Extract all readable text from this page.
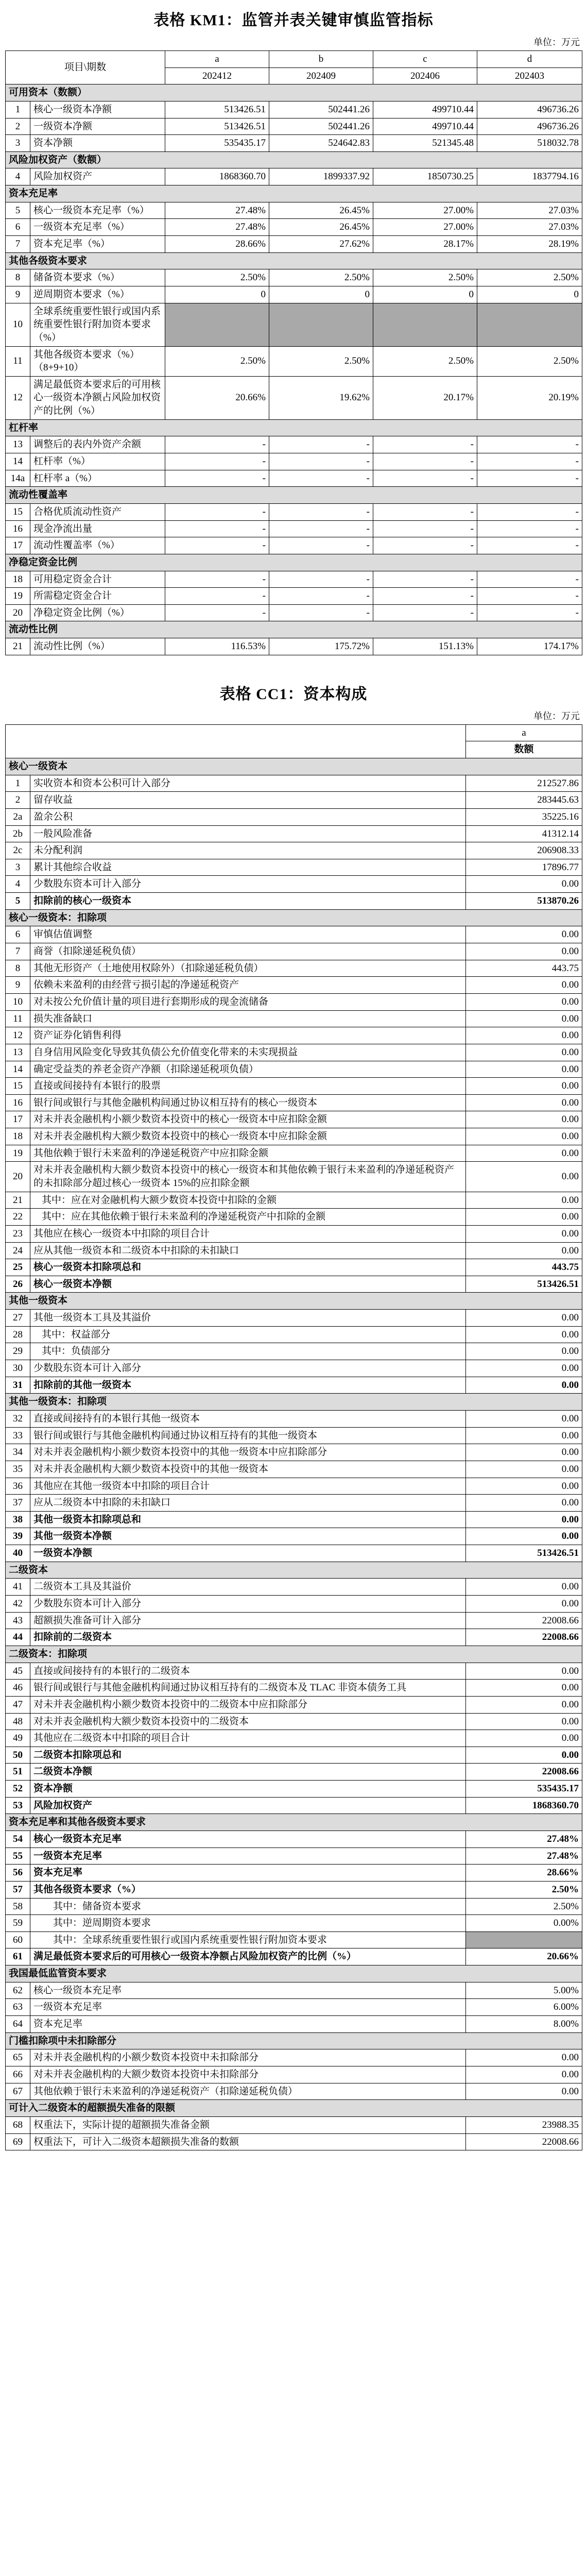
表格 KM1：监管并表关键审慎监管指标
单位：万元
项目\期数		a	b	c	d
		202412	202409	202406	202403
可用资本（数额）					
1	核心一级资本净额	513426.51	502441.26	499710.44	496736.26
2	一级资本净额	513426.51	502441.26	499710.44	496736.26
3	资本净额	535435.17	524642.83	521345.48	518032.78
风险加权资产（数额）					
4	风险加权资产	1868360.70	1899337.92	1850730.25	1837794.16
资本充足率					
5	核心一级资本充足率（%）	27.48%	26.45%	27.00%	27.03%
6	一级资本充足率（%）	27.48%	26.45%	27.00%	27.03%
7	资本充足率（%）	28.66%	27.62%	28.17%	28.19%
其他各级资本要求					
8	储备资本要求（%）	2.50%	2.50%	2.50%	2.50%
9	逆周期资本要求（%）	0	0	0	0
10	全球系统重要性银行或国内系统重要性银行附加资本要求（%）				
11	其他各级资本要求（%）（8+9+10）	2.50%	2.50%	2.50%	2.50%
12	满足最低资本要求后的可用核心一级资本净额占风险加权资产的比例（%）	20.66%	19.62%	20.17%	20.19%
杠杆率					
13	调整后的表内外资产余额	-	-	-	-
14	杠杆率（%）	-	-	-	-
14a	杠杆率 a（%）	-	-	-	-
流动性覆盖率					
15	合格优质流动性资产	-	-	-	-
16	现金净流出量	-	-	-	-
17	流动性覆盖率（%）	-	-	-	-
净稳定资金比例					
18	可用稳定资金合计	-	-	-	-
19	所需稳定资金合计	-	-	-	-
20	净稳定资金比例（%）	-	-	-	-
流动性比例					
21	流动性比例（%）	116.53%	175.72%	151.13%	174.17%
表格 CC1：资本构成
单位：万元
		a
		数额
核心一级资本		
1	实收资本和资本公积可计入部分	212527.86
2	留存收益	283445.63
2a	盈余公积	35225.16
2b	一般风险准备	41312.14
2c	未分配利润	206908.33
3	累计其他综合收益	17896.77
4	少数股东资本可计入部分	0.00
5	扣除前的核心一级资本	513870.26
核心一级资本：扣除项		
6	审慎估值调整	0.00
7	商誉（扣除递延税负债）	0.00
8	其他无形资产（土地使用权除外）（扣除递延税负债）	443.75
9	依赖未来盈利的由经营亏损引起的净递延税资产	0.00
10	对未按公允价值计量的项目进行套期形成的现金流储备	0.00
11	损失准备缺口	0.00
12	资产证券化销售利得	0.00
13	自身信用风险变化导致其负债公允价值变化带来的未实现损益	0.00
14	确定受益类的养老金资产净额（扣除递延税项负债）	0.00
15	直接或间接持有本银行的股票	0.00
16	银行间或银行与其他金融机构间通过协议相互持有的核心一级资本	0.00
17	对未并表金融机构小额少数资本投资中的核心一级资本中应扣除金额	0.00
18	对未并表金融机构大额少数资本投资中的核心一级资本中应扣除金额	0.00
19	其他依赖于银行未来盈利的净递延税资产中应扣除金额	0.00
20	对未并表金融机构大额少数资本投资中的核心一级资本和其他依赖于银行未来盈利的净递延税资产的未扣除部分超过核心一级资本 15%的应扣除金额	0.00
21	其中：应在对金融机构大额少数资本投资中扣除的金额	0.00
22	其中：应在其他依赖于银行未来盈利的净递延税资产中扣除的金额	0.00
23	其他应在核心一级资本中扣除的项目合计	0.00
24	应从其他一级资本和二级资本中扣除的未扣缺口	0.00
25	核心一级资本扣除项总和	443.75
26	核心一级资本净额	513426.51
其他一级资本		
27	其他一级资本工具及其溢价	0.00
28	其中：权益部分	0.00
29	其中：负债部分	0.00
30	少数股东资本可计入部分	0.00
31	扣除前的其他一级资本	0.00
其他一级资本：扣除项		
32	直接或间接持有的本银行其他一级资本	0.00
33	银行间或银行与其他金融机构间通过协议相互持有的其他一级资本	0.00
34	对未并表金融机构小额少数资本投资中的其他一级资本中应扣除部分	0.00
35	对未并表金融机构大额少数资本投资中的其他一级资本	0.00
36	其他应在其他一级资本中扣除的项目合计	0.00
37	应从二级资本中扣除的未扣缺口	0.00
38	其他一级资本扣除项总和	0.00
39	其他一级资本净额	0.00
40	一级资本净额	513426.51
二级资本		
41	二级资本工具及其溢价	0.00
42	少数股东资本可计入部分	0.00
43	超额损失准备可计入部分	22008.66
44	扣除前的二级资本	22008.66
二级资本：扣除项		
45	直接或间接持有的本银行的二级资本	0.00
46	银行间或银行与其他金融机构间通过协议相互持有的二级资本及 TLAC 非资本债务工具	0.00
47	对未并表金融机构小额少数资本投资中的二级资本中应扣除部分	0.00
48	对未并表金融机构大额少数资本投资中的二级资本	0.00
49	其他应在二级资本中扣除的项目合计	0.00
50	二级资本扣除项总和	0.00
51	二级资本净额	22008.66
52	资本净额	535435.17
53	风险加权资产	1868360.70
资本充足率和其他各级资本要求		
54	核心一级资本充足率	27.48%
55	一级资本充足率	27.48%
56	资本充足率	28.66%
57	其他各级资本要求（%）	2.50%
58	其中：储备资本要求	2.50%
59	其中：逆周期资本要求	0.00%
60	其中：全球系统重要性银行或国内系统重要性银行附加资本要求	
61	满足最低资本要求后的可用核心一级资本净额占风险加权资产的比例（%）	20.66%
我国最低监管资本要求		
62	核心一级资本充足率	5.00%
63	一级资本充足率	6.00%
64	资本充足率	8.00%
门槛扣除项中未扣除部分		
65	对未并表金融机构的小额少数资本投资中未扣除部分	0.00
66	对未并表金融机构的大额少数资本投资中未扣除部分	0.00
67	其他依赖于银行未来盈利的净递延税资产（扣除递延税负债）	0.00
可计入二级资本的超额损失准备的限额		
68	权重法下，实际计提的超额损失准备金额	23988.35
69	权重法下，可计入二级资本超额损失准备的数额	22008.66
